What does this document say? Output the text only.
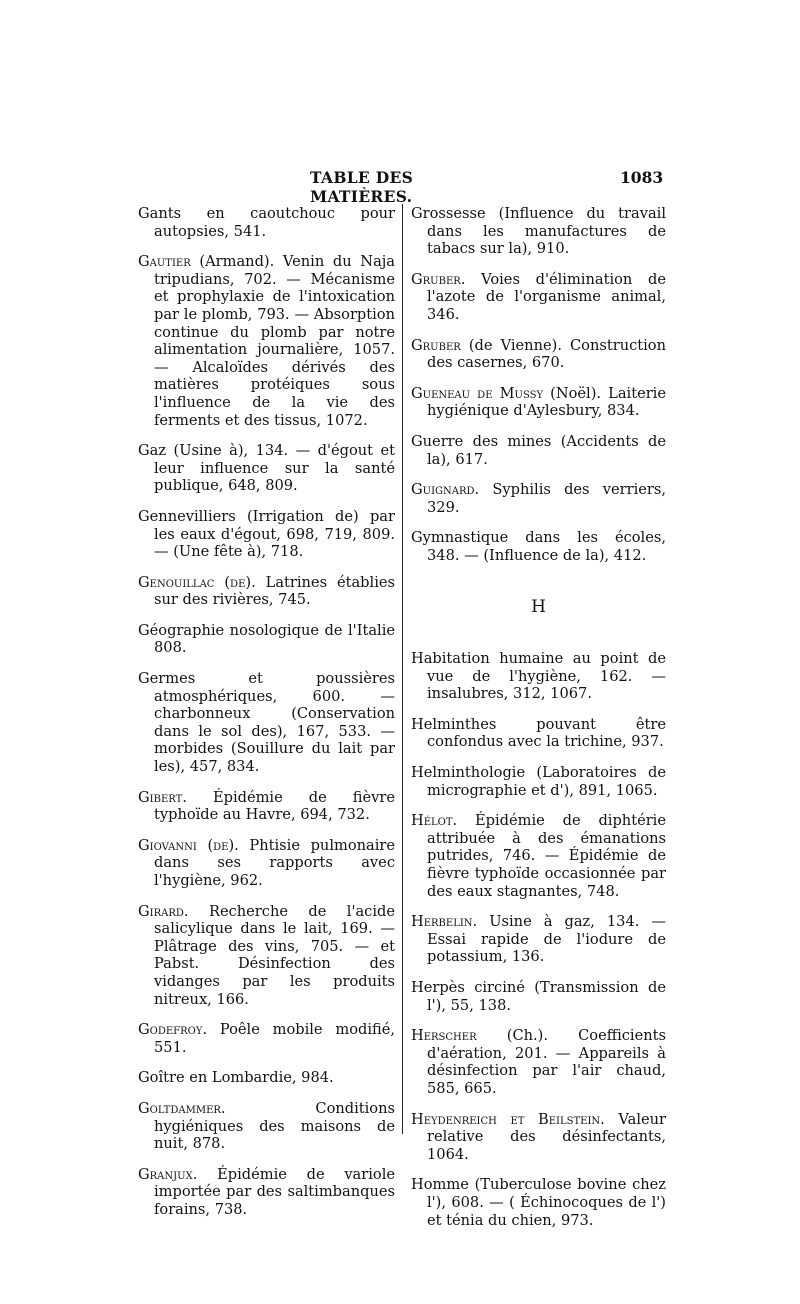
TABLE DES MATIÈRES.
1083
Gants en caoutchouc pour autopsies, 541.
Gautier (Armand). Venin du Naja tripudians, 702. — Mécanisme et prophylaxie de l'intoxication par le plomb, 793. — Absorption continue du plomb par notre alimentation journalière, 1057. — Alcaloïdes dérivés des matières protéiques sous l'influence de la vie des ferments et des tissus, 1072.
Gaz (Usine à), 134. — d'égout et leur influence sur la santé publique, 648, 809.
Gennevilliers (Irrigation de) par les eaux d'égout, 698, 719, 809. — (Une fête à), 718.
Genouillac (de). Latrines établies sur des rivières, 745.
Géographie nosologique de l'Italie 808.
Germes et poussières atmosphériques, 600. — charbonneux (Conservation dans le sol des), 167, 533. — morbides (Souillure du lait par les), 457, 834.
Gibert. Épidémie de fièvre typhoïde au Havre, 694, 732.
Giovanni (de). Phtisie pulmonaire dans ses rapports avec l'hygiène, 962.
Girard. Recherche de l'acide salicylique dans le lait, 169. — Plâtrage des vins, 705. — et Pabst. Désinfection des vidanges par les produits nitreux, 166.
Godefroy. Poêle mobile modifié, 551.
Goître en Lombardie, 984.
Goltdammer. Conditions hygiéniques des maisons de nuit, 878.
Granjux. Épidémie de variole importée par des saltimbanques forains, 738.
Grossesse (Influence du travail dans les manufactures de tabacs sur la), 910.
Gruber. Voies d'élimination de l'azote de l'organisme animal, 346.
Gruber (de Vienne). Construction des casernes, 670.
Gueneau de Mussy (Noël). Laiterie hygiénique d'Aylesbury, 834.
Guerre des mines (Accidents de la), 617.
Guignard. Syphilis des verriers, 329.
Gymnastique dans les écoles, 348. — (Influence de la), 412.
H
Habitation humaine au point de vue de l'hygiène, 162. — insalubres, 312, 1067.
Helminthes pouvant être confondus avec la trichine, 937.
Helminthologie (Laboratoires de micrographie et d'), 891, 1065.
Hélot. Épidémie de diphtérie attribuée à des émanations putrides, 746. — Épidémie de fièvre typhoïde occasionnée par des eaux stagnantes, 748.
Herbelin. Usine à gaz, 134. — Essai rapide de l'iodure de potassium, 136.
Herpès circiné (Transmission de l'), 55, 138.
Herscher (Ch.). Coefficients d'aération, 201. — Appareils à désinfection par l'air chaud, 585, 665.
Heydenreich et Beilstein. Valeur relative des désinfectants, 1064.
Homme (Tuberculose bovine chez l'), 608. — ( Échinocoques de l') et ténia du chien, 973.
